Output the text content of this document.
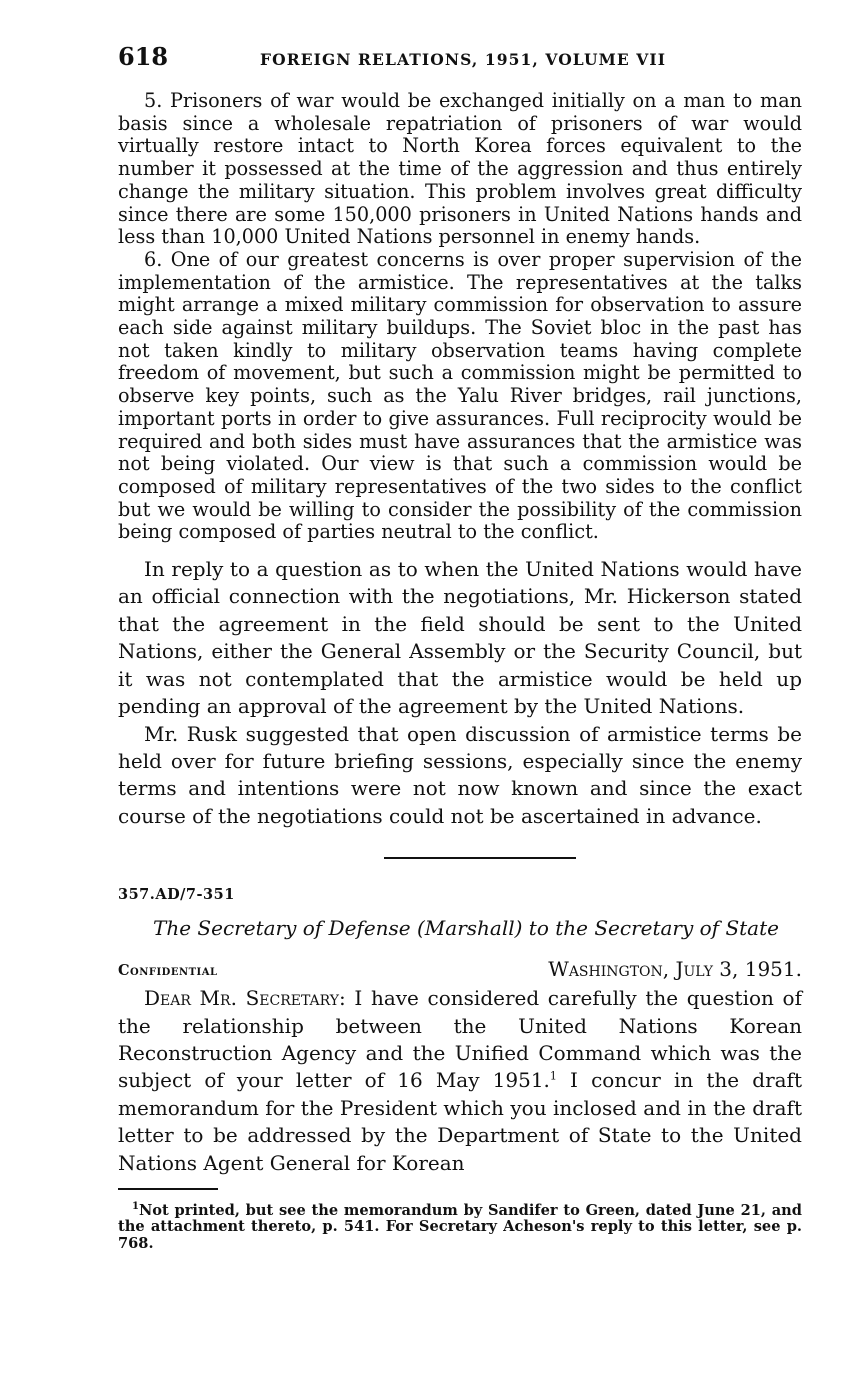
618	FOREIGN RELATIONS, 1951, VOLUME VII

5. Prisoners of war would be exchanged initially on a man to man basis since a wholesale repatriation of prisoners of war would virtually restore intact to North Korea forces equivalent to the number it possessed at the time of the aggression and thus entirely change the military situation. This problem involves great difficulty since there are some 150,000 prisoners in United Nations hands and less than 10,000 United Nations personnel in enemy hands.

6. One of our greatest concerns is over proper supervision of the implementation of the armistice. The representatives at the talks might arrange a mixed military commission for observation to assure each side against military buildups. The Soviet bloc in the past has not taken kindly to military observation teams having complete freedom of movement, but such a commission might be permitted to observe key points, such as the Yalu River bridges, rail junctions, important ports in order to give assurances. Full reciprocity would be required and both sides must have assurances that the armistice was not being violated. Our view is that such a commission would be composed of military representatives of the two sides to the conflict but we would be willing to consider the possibility of the commission being composed of parties neutral to the conflict.

In reply to a question as to when the United Nations would have an official connection with the negotiations, Mr. Hickerson stated that the agreement in the field should be sent to the United Nations, either the General Assembly or the Security Council, but it was not contemplated that the armistice would be held up pending an approval of the agreement by the United Nations.

Mr. Rusk suggested that open discussion of armistice terms be held over for future briefing sessions, especially since the enemy terms and intentions were not now known and since the exact course of the negotiations could not be ascertained in advance.

357.AD/7-351
The Secretary of Defense (Marshall) to the Secretary of State
Confidential	Washington, July 3, 1951.

Dear Mr. Secretary: I have considered carefully the question of the relationship between the United Nations Korean Reconstruction Agency and the Unified Command which was the subject of your letter of 16 May 1951.$^1$ I concur in the draft memorandum for the President which you inclosed and in the draft letter to be addressed by the Department of State to the United Nations Agent General for Korean

$^1$Not printed, but see the memorandum by Sandifer to Green, dated June 21, and the attachment thereto, p. 541. For Secretary Acheson's reply to this letter, see p. 768.
